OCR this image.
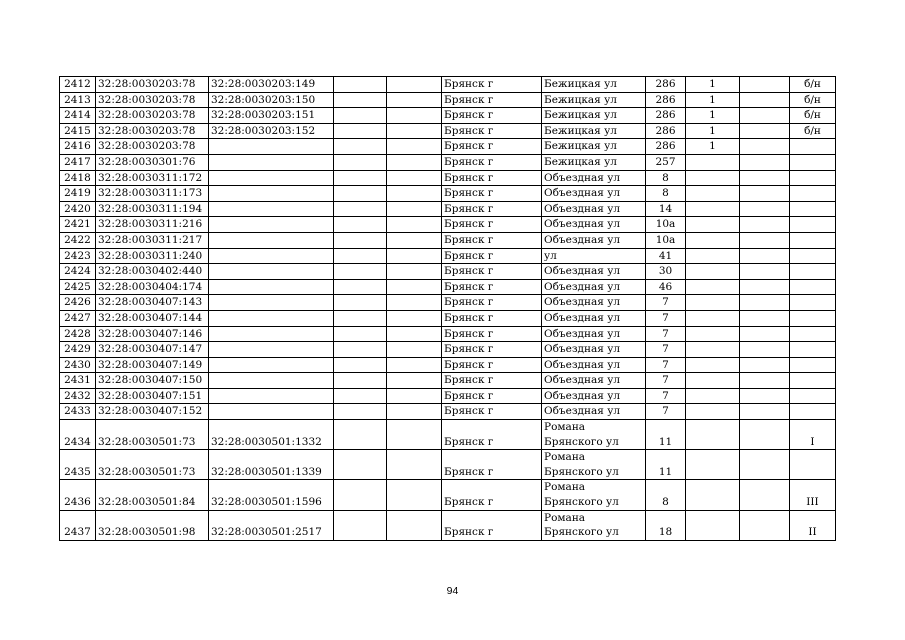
2412	32:28:0030203:78	32:28:0030203:149			Брянск г	Бежицкая ул	286	1		б/н
2413	32:28:0030203:78	32:28:0030203:150			Брянск г	Бежицкая ул	286	1		б/н
2414	32:28:0030203:78	32:28:0030203:151			Брянск г	Бежицкая ул	286	1		б/н
2415	32:28:0030203:78	32:28:0030203:152			Брянск г	Бежицкая ул	286	1		б/н
2416	32:28:0030203:78				Брянск г	Бежицкая ул	286	1		
2417	32:28:0030301:76				Брянск г	Бежицкая ул	257			
2418	32:28:0030311:172				Брянск г	Объездная ул	8			
2419	32:28:0030311:173				Брянск г	Объездная ул	8			
2420	32:28:0030311:194				Брянск г	Объездная ул	14			
2421	32:28:0030311:216				Брянск г	Объездная ул	10а			
2422	32:28:0030311:217				Брянск г	Объездная ул	10а			
2423	32:28:0030311:240				Брянск г	ул	41			
2424	32:28:0030402:440				Брянск г	Объездная ул	30			
2425	32:28:0030404:174				Брянск г	Объездная ул	46			
2426	32:28:0030407:143				Брянск г	Объездная ул	7			
2427	32:28:0030407:144				Брянск г	Объездная ул	7			
2428	32:28:0030407:146				Брянск г	Объездная ул	7			
2429	32:28:0030407:147				Брянск г	Объездная ул	7			
2430	32:28:0030407:149				Брянск г	Объездная ул	7			
2431	32:28:0030407:150				Брянск г	Объездная ул	7			
2432	32:28:0030407:151				Брянск г	Объездная ул	7			
2433	32:28:0030407:152				Брянск г	Объездная ул	7			
2434	32:28:0030501:73	32:28:0030501:1332			Брянск г	Романа Брянского ул	11			I
2435	32:28:0030501:73	32:28:0030501:1339			Брянск г	Романа Брянского ул	11			
2436	32:28:0030501:84	32:28:0030501:1596			Брянск г	Романа Брянского ул	8			III
2437	32:28:0030501:98	32:28:0030501:2517			Брянск г	Романа Брянского ул	18			II
94
